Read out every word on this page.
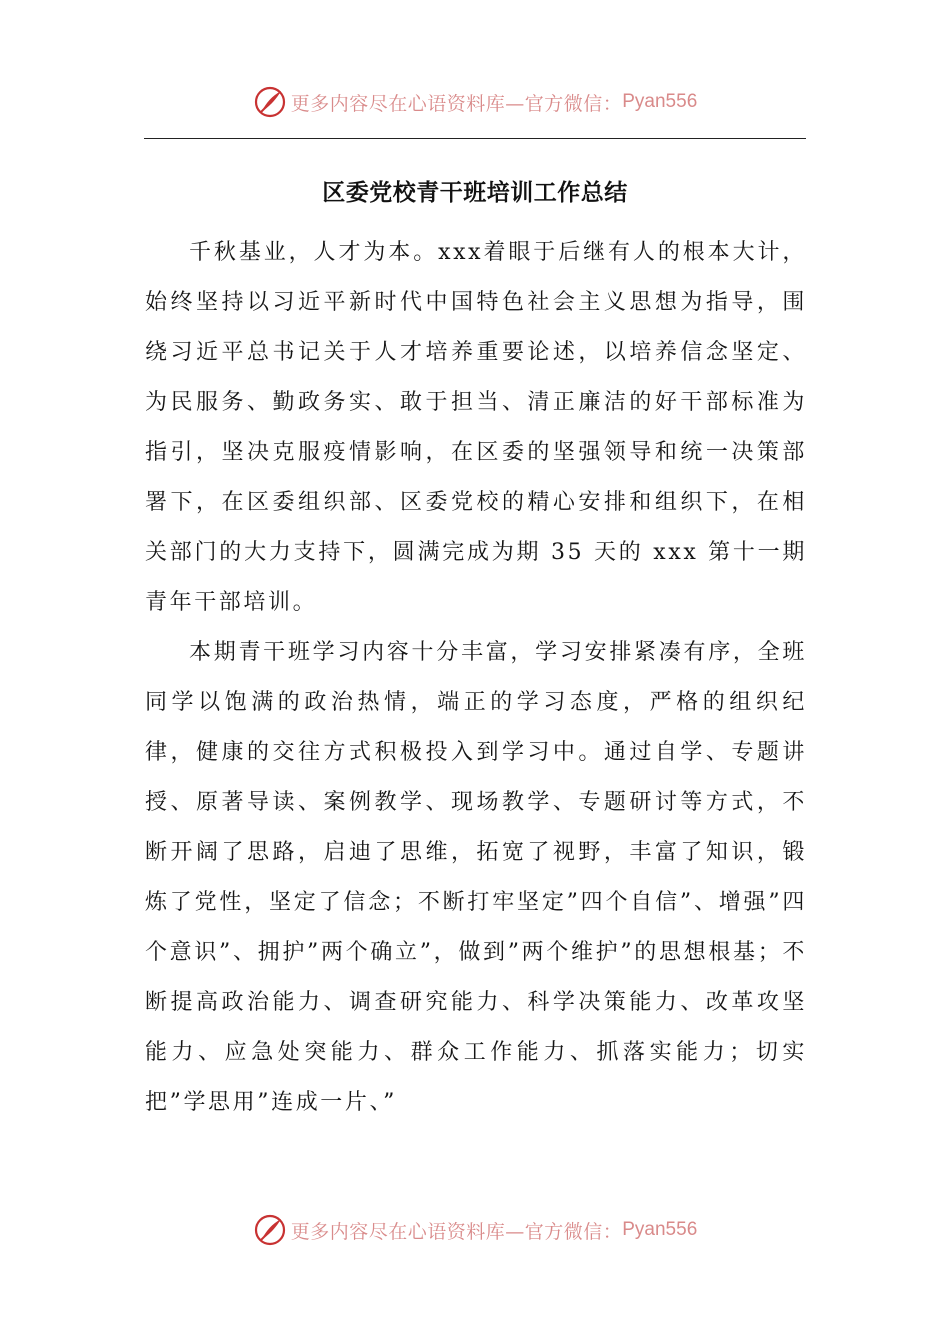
更多内容尽在心语资料库—官方微信： Pyan556
区委党校青干班培训工作总结

千秋基业，人才为本。xxx着眼于后继有人的根本大计，始终坚持以习近平新时代中国特色社会主义思想为指导，围绕习近平总书记关于人才培养重要论述，以培养信念坚定、为民服务、勤政务实、敢于担当、清正廉洁的好干部标准为指引，坚决克服疫情影响，在区委的坚强领导和统一决策部署下，在区委组织部、区委党校的精心安排和组织下，在相关部门的大力支持下，圆满完成为期 35 天的 xxx 第十一期青年干部培训。

本期青干班学习内容十分丰富，学习安排紧凑有序，全班同学以饱满的政治热情，端正的学习态度，严格的组织纪律，健康的交往方式积极投入到学习中。通过自学、专题讲授、原著导读、案例教学、现场教学、专题研讨等方式，不断开阔了思路，启迪了思维，拓宽了视野，丰富了知识，锻炼了党性，坚定了信念；不断打牢坚定”四个自信”、增强”四个意识”、拥护”两个确立”，做到”两个维护”的思想根基；不断提高政治能力、调查研究能力、科学决策能力、改革攻坚能力、应急处突能力、群众工作能力、抓落实能力；切实把”学思用”连成一片、”

更多内容尽在心语资料库—官方微信： Pyan556
